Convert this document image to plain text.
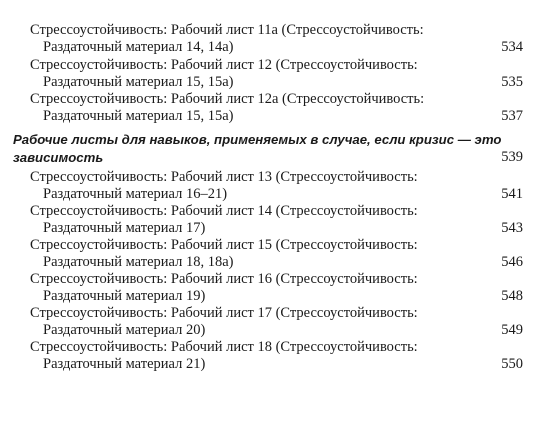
Стрессоустойчивость: Рабочий лист 11а (Стрессоустойчивость:
Раздаточный материал 14, 14а)	534
Стрессоустойчивость: Рабочий лист 12 (Стрессоустойчивость:
Раздаточный материал 15, 15а)	535
Стрессоустойчивость: Рабочий лист 12а (Стрессоустойчивость:
Раздаточный материал 15, 15а)	537
Рабочие листы для навыков, применяемых в случае, если кризис — это
зависимость	539
Стрессоустойчивость: Рабочий лист 13 (Стрессоустойчивость:
Раздаточный материал 16–21)	541
Стрессоустойчивость: Рабочий лист 14 (Стрессоустойчивость:
Раздаточный материал 17)	543
Стрессоустойчивость: Рабочий лист 15 (Стрессоустойчивость:
Раздаточный материал 18, 18а)	546
Стрессоустойчивость: Рабочий лист 16 (Стрессоустойчивость:
Раздаточный материал 19)	548
Стрессоустойчивость: Рабочий лист 17 (Стрессоустойчивость:
Раздаточный материал 20)	549
Стрессоустойчивость: Рабочий лист 18 (Стрессоустойчивость:
Раздаточный материал 21)	550
